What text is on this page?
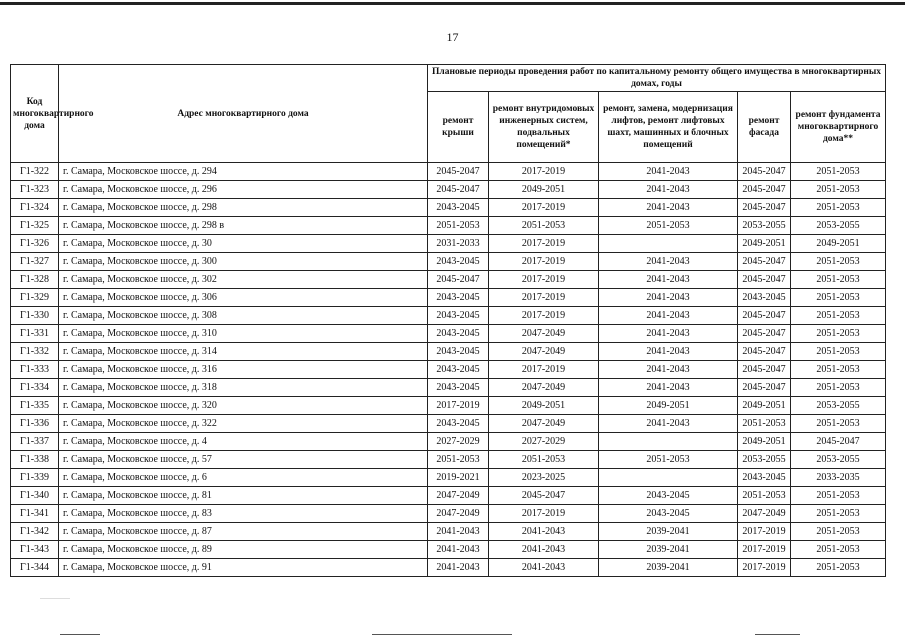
17
Код многоквартирного дома	Адрес многоквартирного дома	Плановые периоды проведения работ по капитальному ремонту общего имущества в многоквартирных домах, годы				
		ремонт крыши	ремонт внутридомовых инженерных систем, подвальных помещений*	ремонт, замена, модернизация лифтов, ремонт лифтовых шахт, машинных и блочных помещений	ремонт фасада	ремонт фундамента многоквартирного дома**
Г1-322	г. Самара, Московское шоссе, д. 294	2045-2047	2017-2019	2041-2043	2045-2047	2051-2053
Г1-323	г. Самара, Московское шоссе, д. 296	2045-2047	2049-2051	2041-2043	2045-2047	2051-2053
Г1-324	г. Самара, Московское шоссе, д. 298	2043-2045	2017-2019	2041-2043	2045-2047	2051-2053
Г1-325	г. Самара, Московское шоссе, д. 298 в	2051-2053	2051-2053	2051-2053	2053-2055	2053-2055
Г1-326	г. Самара, Московское шоссе, д. 30	2031-2033	2017-2019		2049-2051	2049-2051
Г1-327	г. Самара, Московское шоссе, д. 300	2043-2045	2017-2019	2041-2043	2045-2047	2051-2053
Г1-328	г. Самара, Московское шоссе, д. 302	2045-2047	2017-2019	2041-2043	2045-2047	2051-2053
Г1-329	г. Самара, Московское шоссе, д. 306	2043-2045	2017-2019	2041-2043	2043-2045	2051-2053
Г1-330	г. Самара, Московское шоссе, д. 308	2043-2045	2017-2019	2041-2043	2045-2047	2051-2053
Г1-331	г. Самара, Московское шоссе, д. 310	2043-2045	2047-2049	2041-2043	2045-2047	2051-2053
Г1-332	г. Самара, Московское шоссе, д. 314	2043-2045	2047-2049	2041-2043	2045-2047	2051-2053
Г1-333	г. Самара, Московское шоссе, д. 316	2043-2045	2017-2019	2041-2043	2045-2047	2051-2053
Г1-334	г. Самара, Московское шоссе, д. 318	2043-2045	2047-2049	2041-2043	2045-2047	2051-2053
Г1-335	г. Самара, Московское шоссе, д. 320	2017-2019	2049-2051	2049-2051	2049-2051	2053-2055
Г1-336	г. Самара, Московское шоссе, д. 322	2043-2045	2047-2049	2041-2043	2051-2053	2051-2053
Г1-337	г. Самара, Московское шоссе, д. 4	2027-2029	2027-2029		2049-2051	2045-2047
Г1-338	г. Самара, Московское шоссе, д. 57	2051-2053	2051-2053	2051-2053	2053-2055	2053-2055
Г1-339	г. Самара, Московское шоссе, д. 6	2019-2021	2023-2025		2043-2045	2033-2035
Г1-340	г. Самара, Московское шоссе, д. 81	2047-2049	2045-2047	2043-2045	2051-2053	2051-2053
Г1-341	г. Самара, Московское шоссе, д. 83	2047-2049	2017-2019	2043-2045	2047-2049	2051-2053
Г1-342	г. Самара, Московское шоссе, д. 87	2041-2043	2041-2043	2039-2041	2017-2019	2051-2053
Г1-343	г. Самара, Московское шоссе, д. 89	2041-2043	2041-2043	2039-2041	2017-2019	2051-2053
Г1-344	г. Самара, Московское шоссе, д. 91	2041-2043	2041-2043	2039-2041	2017-2019	2051-2053
